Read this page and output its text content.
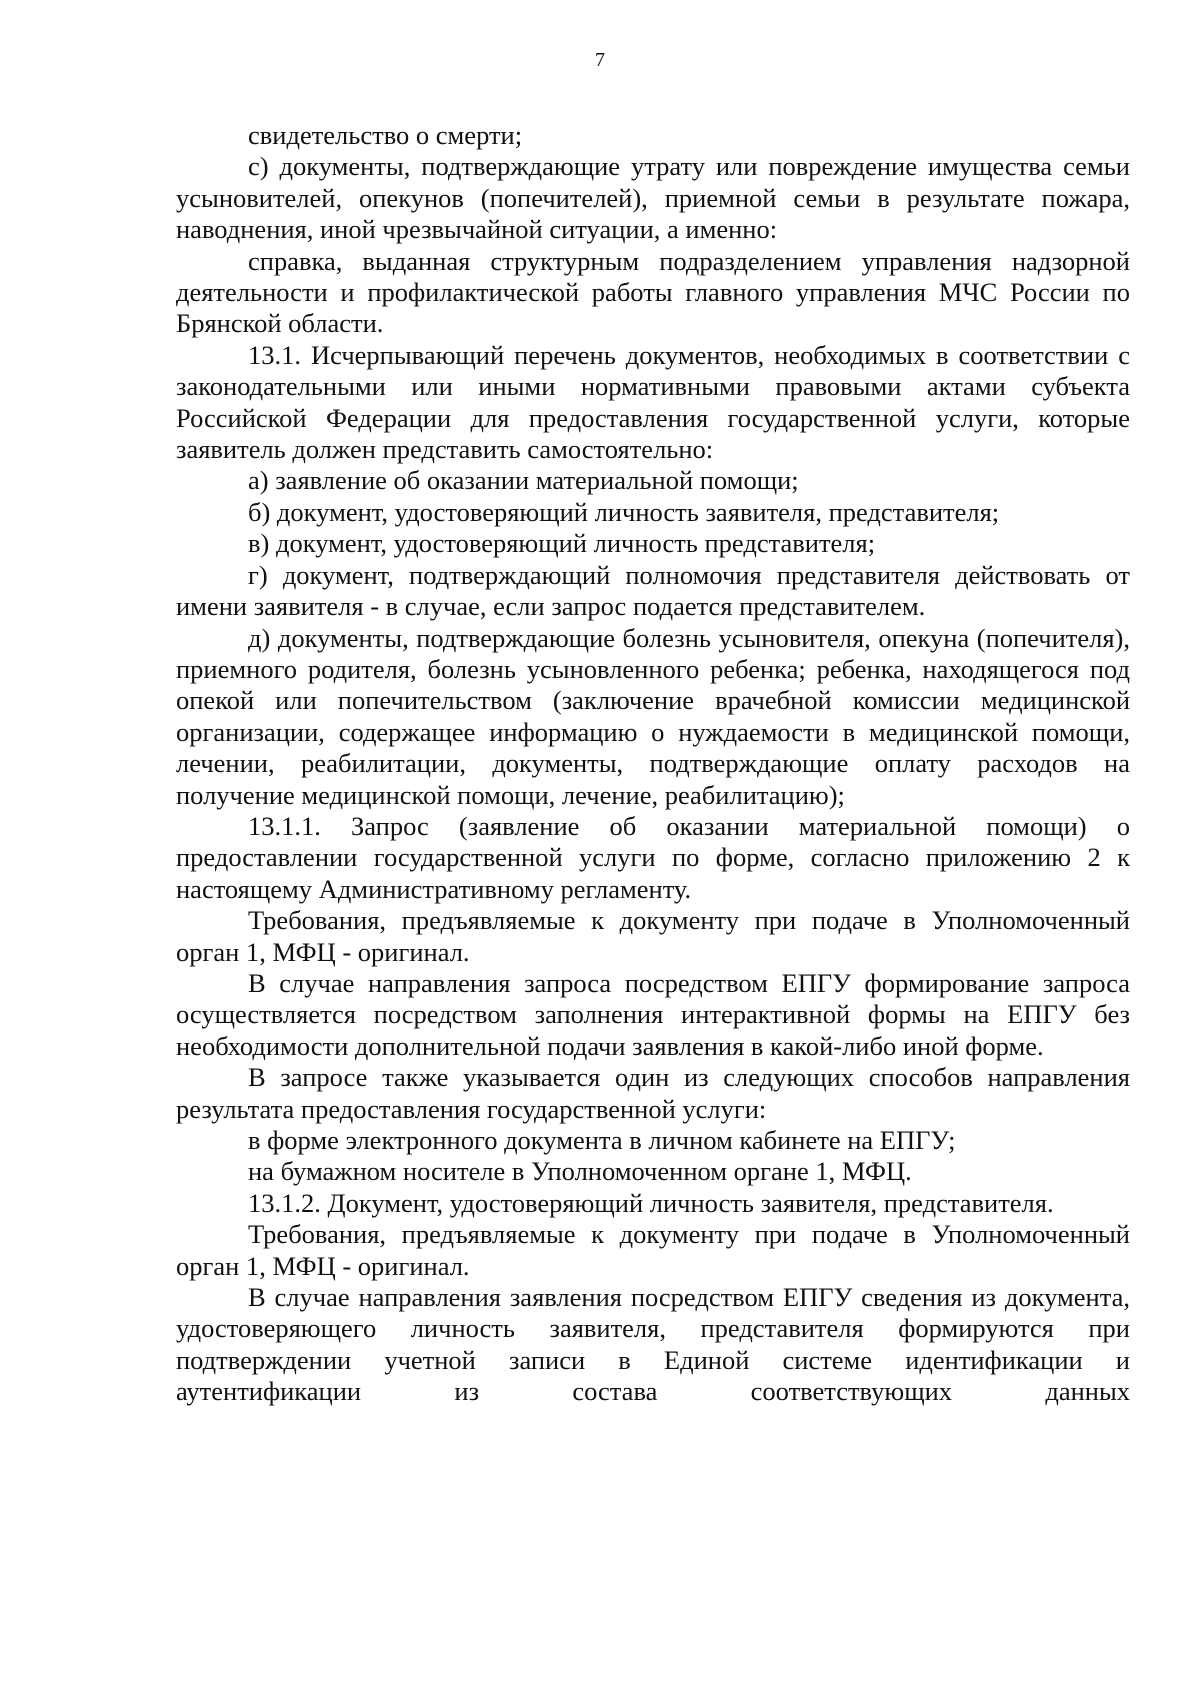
7

свидетельство о смерти;

с) документы, подтверждающие утрату или повреждение имущества семьи усыновителей, опекунов (попечителей), приемной семьи в результате пожара, наводнения, иной чрезвычайной ситуации, а именно:

справка, выданная структурным подразделением управления надзорной деятельности и профилактической работы главного управления МЧС России по Брянской области.

13.1. Исчерпывающий перечень документов, необходимых в соответствии с законодательными или иными нормативными правовыми актами субъекта Российской Федерации для предоставления государственной услуги, которые заявитель должен представить самостоятельно:

а) заявление об оказании материальной помощи;

б) документ, удостоверяющий личность заявителя, представителя;

в) документ, удостоверяющий личность представителя;

г) документ, подтверждающий полномочия представителя действовать от имени заявителя - в случае, если запрос подается представителем.

д) документы, подтверждающие болезнь усыновителя, опекуна (попечителя), приемного родителя, болезнь усыновленного ребенка; ребенка, находящегося под опекой или попечительством (заключение врачебной комиссии медицинской организации, содержащее информацию о нуждаемости в медицинской помощи, лечении, реабилитации, документы, подтверждающие оплату расходов на получение медицинской помощи, лечение, реабилитацию);

13.1.1. Запрос (заявление об оказании материальной помощи) о предоставлении государственной услуги по форме, согласно приложению 2 к настоящему Административному регламенту.

Требования, предъявляемые к документу при подаче в Уполномоченный орган 1, МФЦ - оригинал.

В случае направления запроса посредством ЕПГУ формирование запроса осуществляется посредством заполнения интерактивной формы на ЕПГУ без необходимости дополнительной подачи заявления в какой-либо иной форме.

В запросе также указывается один из следующих способов направления результата предоставления государственной услуги:

в форме электронного документа в личном кабинете на ЕПГУ;

на бумажном носителе в Уполномоченном органе 1, МФЦ.

13.1.2. Документ, удостоверяющий личность заявителя, представителя.

Требования, предъявляемые к документу при подаче в Уполномоченный орган 1, МФЦ - оригинал.

В случае направления заявления посредством ЕПГУ сведения из документа, удостоверяющего личность заявителя, представителя формируются при подтверждении учетной записи в Единой системе идентификации и аутентификации из состава соответствующих данных
